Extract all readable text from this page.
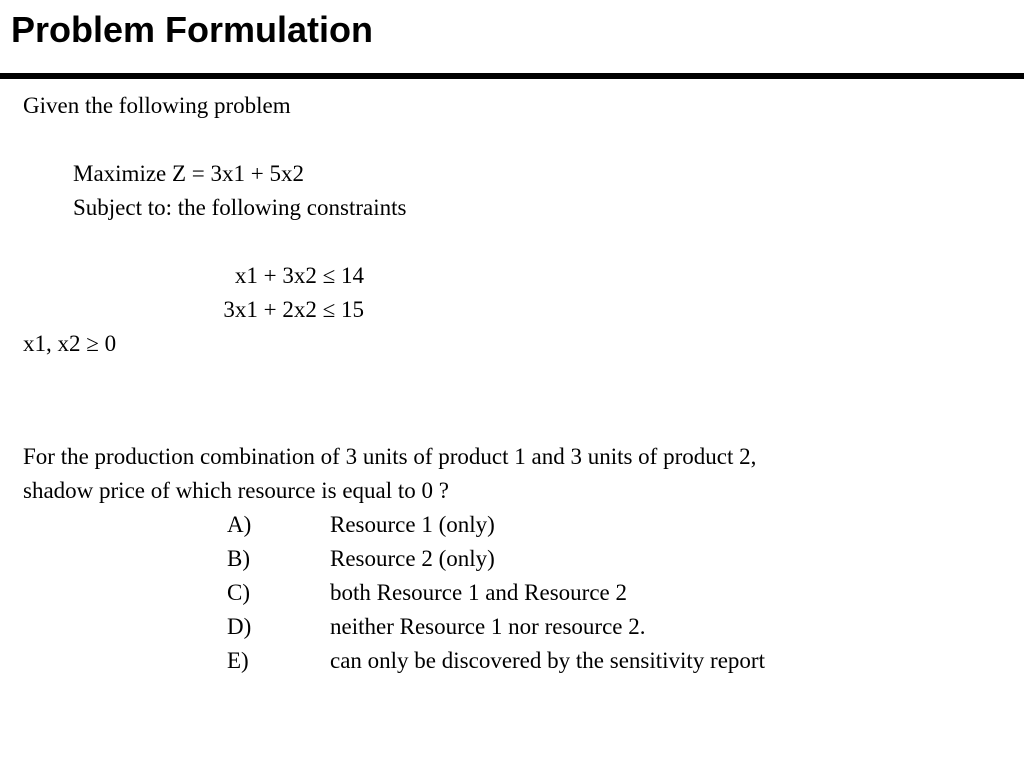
Problem Formulation
Given the following problem
Maximize Z = 3x1 + 5x2
Subject to: the following constraints
x1 + 3x2 ≤ 14
3x1 + 2x2 ≤ 15
x1, x2 ≥ 0
For the production combination of 3 units of product 1 and 3 units of product 2,
shadow price of which resource is equal to 0 ?
A)	Resource 1 (only)
B)	Resource 2 (only)
C)	both Resource 1 and Resource 2
D)	neither Resource 1 nor resource 2.
E)	can only be discovered by the sensitivity report
